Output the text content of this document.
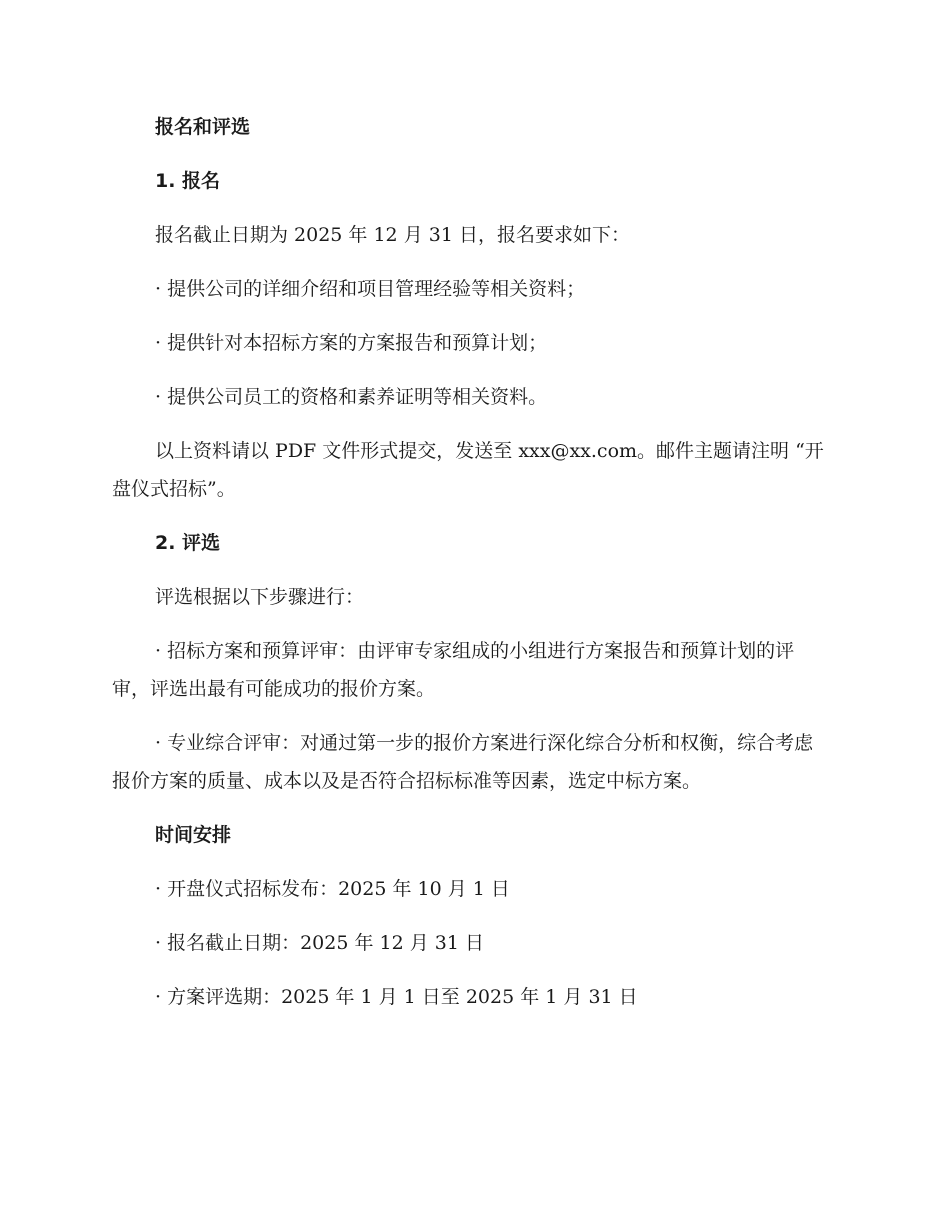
报名和评选

1. 报名

报名截止日期为 2025 年 12 月 31 日，报名要求如下：

· 提供公司的详细介绍和项目管理经验等相关资料；

· 提供针对本招标方案的方案报告和预算计划；

· 提供公司员工的资格和素养证明等相关资料。

以上资料请以 PDF 文件形式提交，发送至 xxx@xx.com。邮件主题请注明 “开盘仪式招标”。

2. 评选

评选根据以下步骤进行：

· 招标方案和预算评审：由评审专家组成的小组进行方案报告和预算计划的评审，评选出最有可能成功的报价方案。

· 专业综合评审：对通过第一步的报价方案进行深化综合分析和权衡，综合考虑报价方案的质量、成本以及是否符合招标标准等因素，选定中标方案。

时间安排

· 开盘仪式招标发布：2025 年 10 月 1 日

· 报名截止日期：2025 年 12 月 31 日

· 方案评选期：2025 年 1 月 1 日至 2025 年 1 月 31 日
